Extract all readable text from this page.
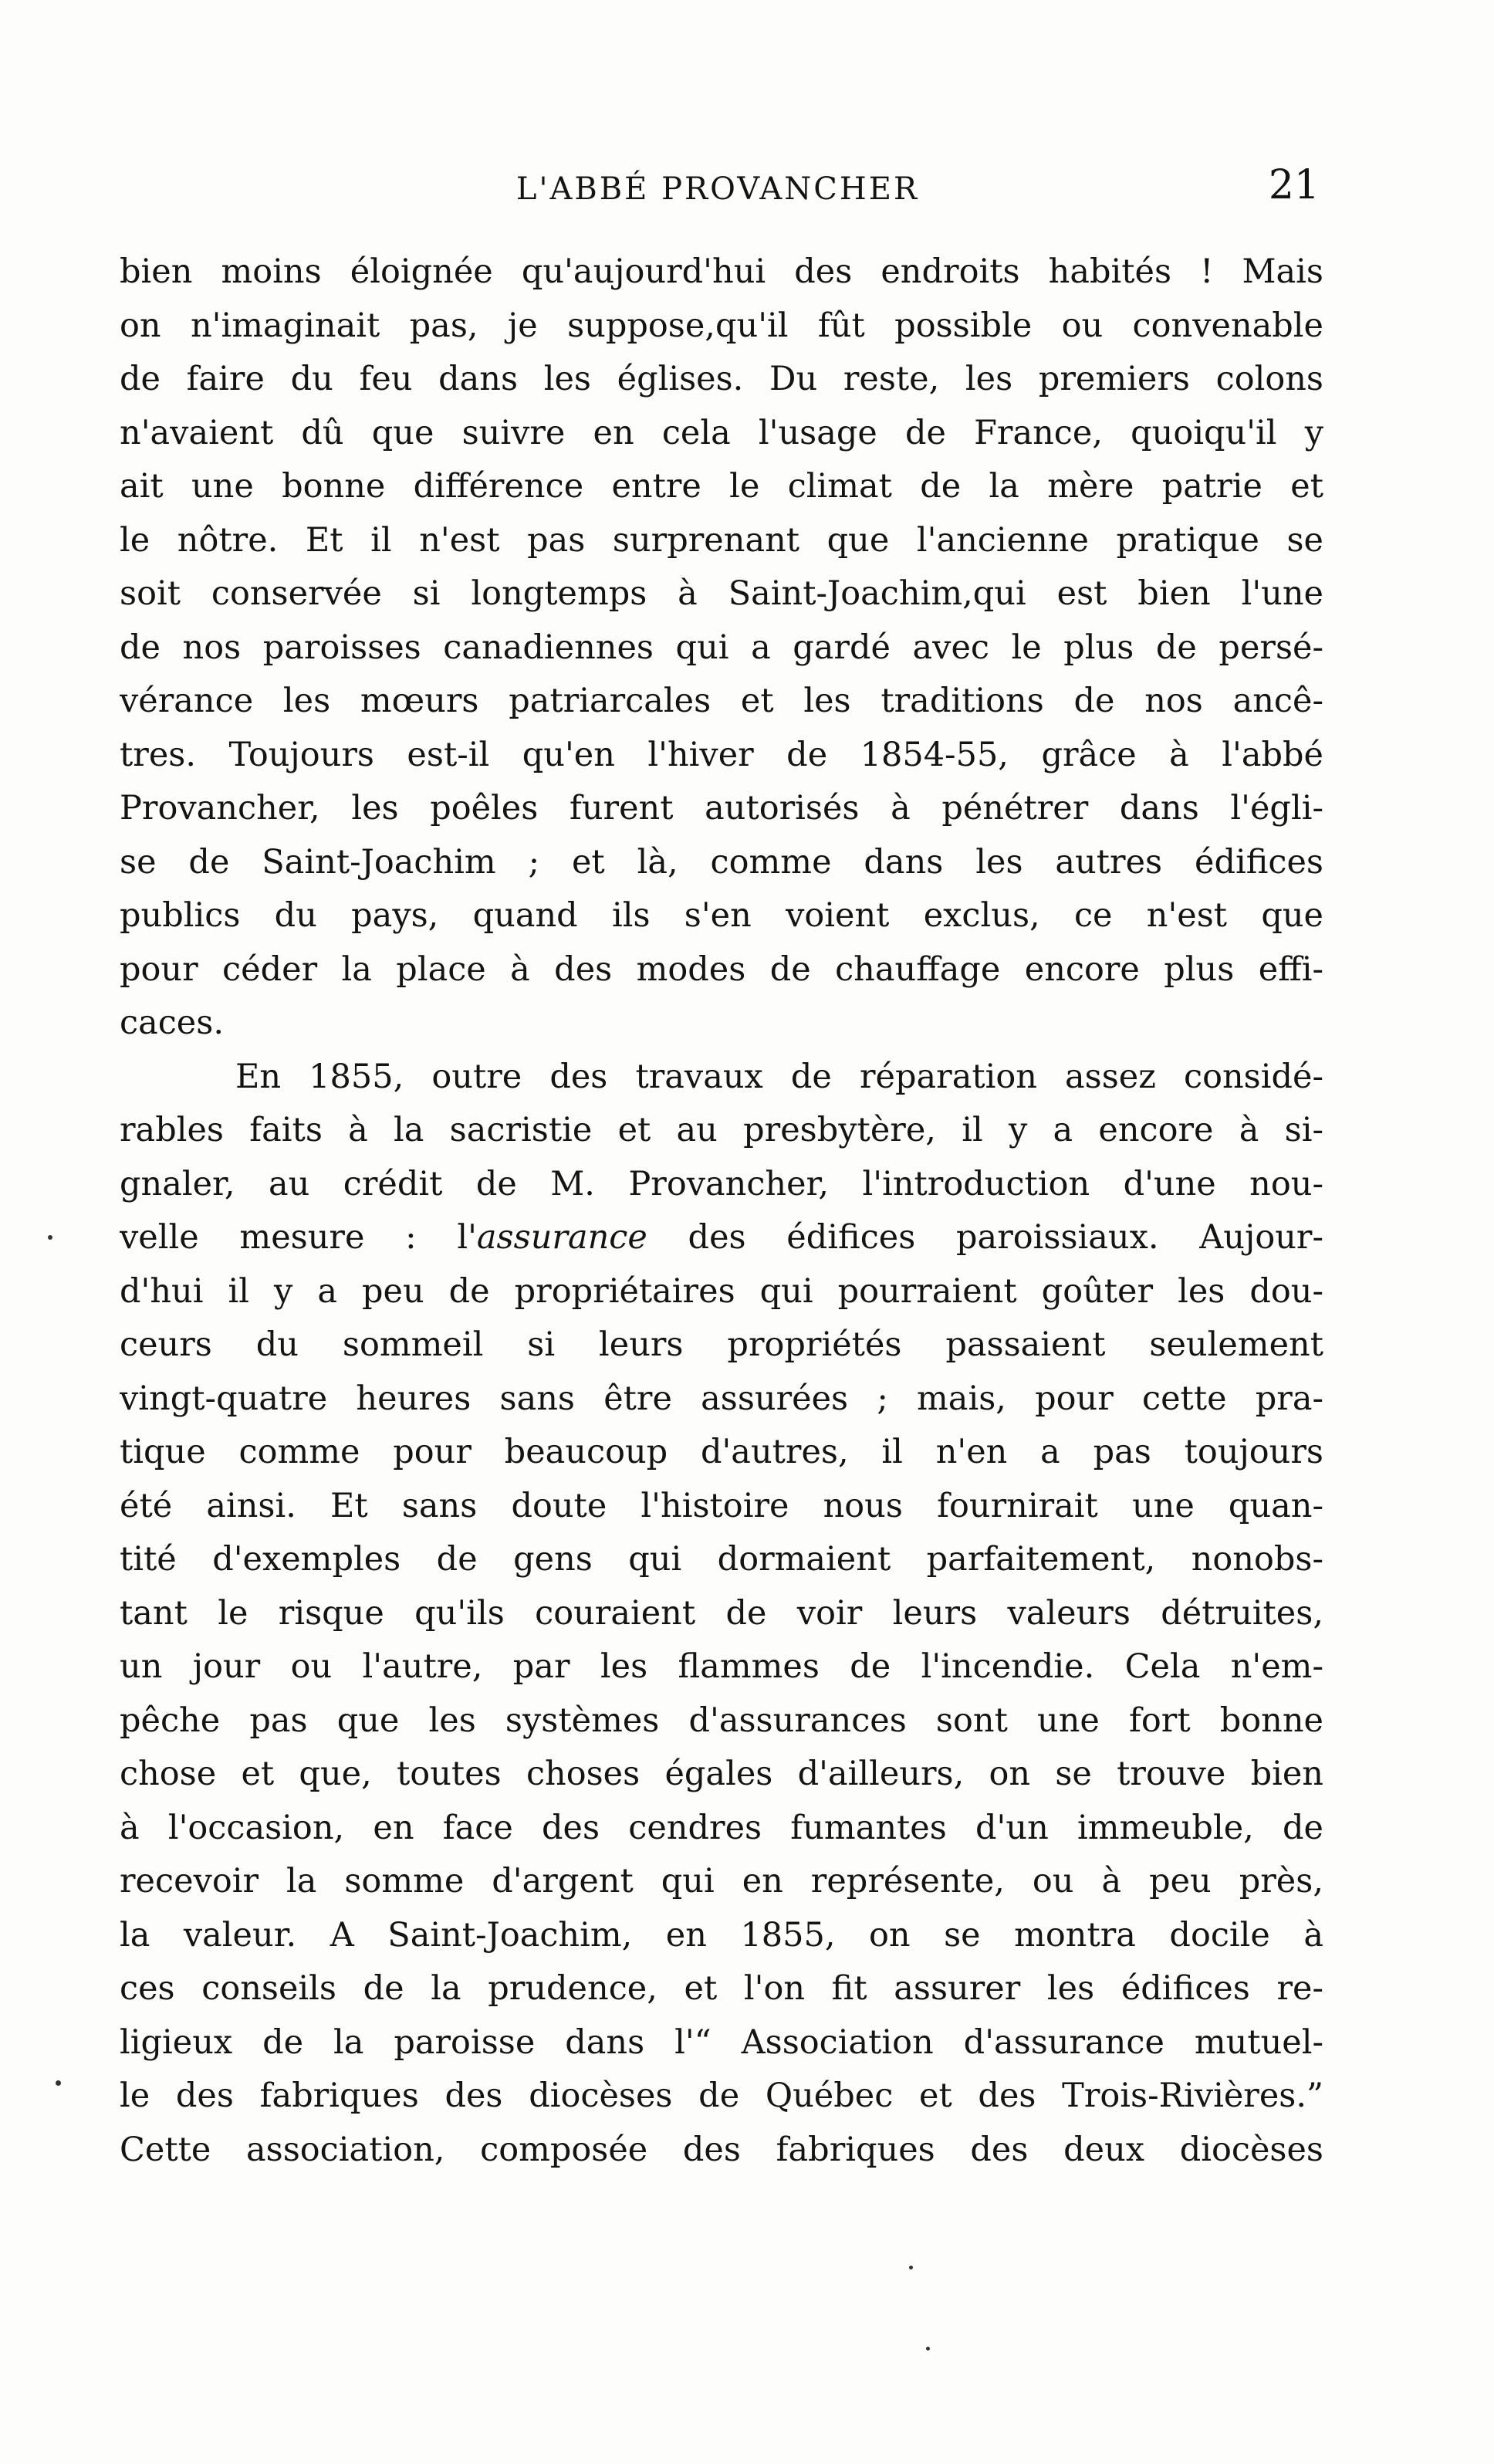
L'ABBÉ PROVANCHER	21
bien moins éloignée qu'aujourd'hui des endroits habités ! Mais
on n'imaginait pas, je suppose,qu'il fût possible ou convenable
de faire du feu dans les églises. Du reste, les premiers colons
n'avaient dû que suivre en cela l'usage de France, quoiqu'il y
ait une bonne différence entre le climat de la mère patrie et
le nôtre. Et il n'est pas surprenant que l'ancienne pratique se
soit conservée si longtemps à Saint-Joachim,qui est bien l'une
de nos paroisses canadiennes qui a gardé avec le plus de persé-
vérance les mœurs patriarcales et les traditions de nos ancê-
tres. Toujours est-il qu'en l'hiver de 1854-55, grâce à l'abbé
Provancher, les poêles furent autorisés à pénétrer dans l'égli-
se de Saint-Joachim ; et là, comme dans les autres édifices
publics du pays, quand ils s'en voient exclus, ce n'est que
pour céder la place à des modes de chauffage encore plus effi-
caces.
En 1855, outre des travaux de réparation assez considé-
rables faits à la sacristie et au presbytère, il y a encore à si-
gnaler, au crédit de M. Provancher, l'introduction d'une nou-
velle mesure : l'assurance des édifices paroissiaux. Aujour-
d'hui il y a peu de propriétaires qui pourraient goûter les dou-
ceurs du sommeil si leurs propriétés passaient seulement
vingt-quatre heures sans être assurées ; mais, pour cette pra-
tique comme pour beaucoup d'autres, il n'en a pas toujours
été ainsi. Et sans doute l'histoire nous fournirait une quan-
tité d'exemples de gens qui dormaient parfaitement, nonobs-
tant le risque qu'ils couraient de voir leurs valeurs détruites,
un jour ou l'autre, par les flammes de l'incendie. Cela n'em-
pêche pas que les systèmes d'assurances sont une fort bonne
chose et que, toutes choses égales d'ailleurs, on se trouve bien
à l'occasion, en face des cendres fumantes d'un immeuble, de
recevoir la somme d'argent qui en représente, ou à peu près,
la valeur. A Saint-Joachim, en 1855, on se montra docile à
ces conseils de la prudence, et l'on fit assurer les édifices re-
ligieux de la paroisse dans l'“ Association d'assurance mutuel-
le des fabriques des diocèses de Québec et des Trois-Rivières.”
Cette association, composée des fabriques des deux diocèses
